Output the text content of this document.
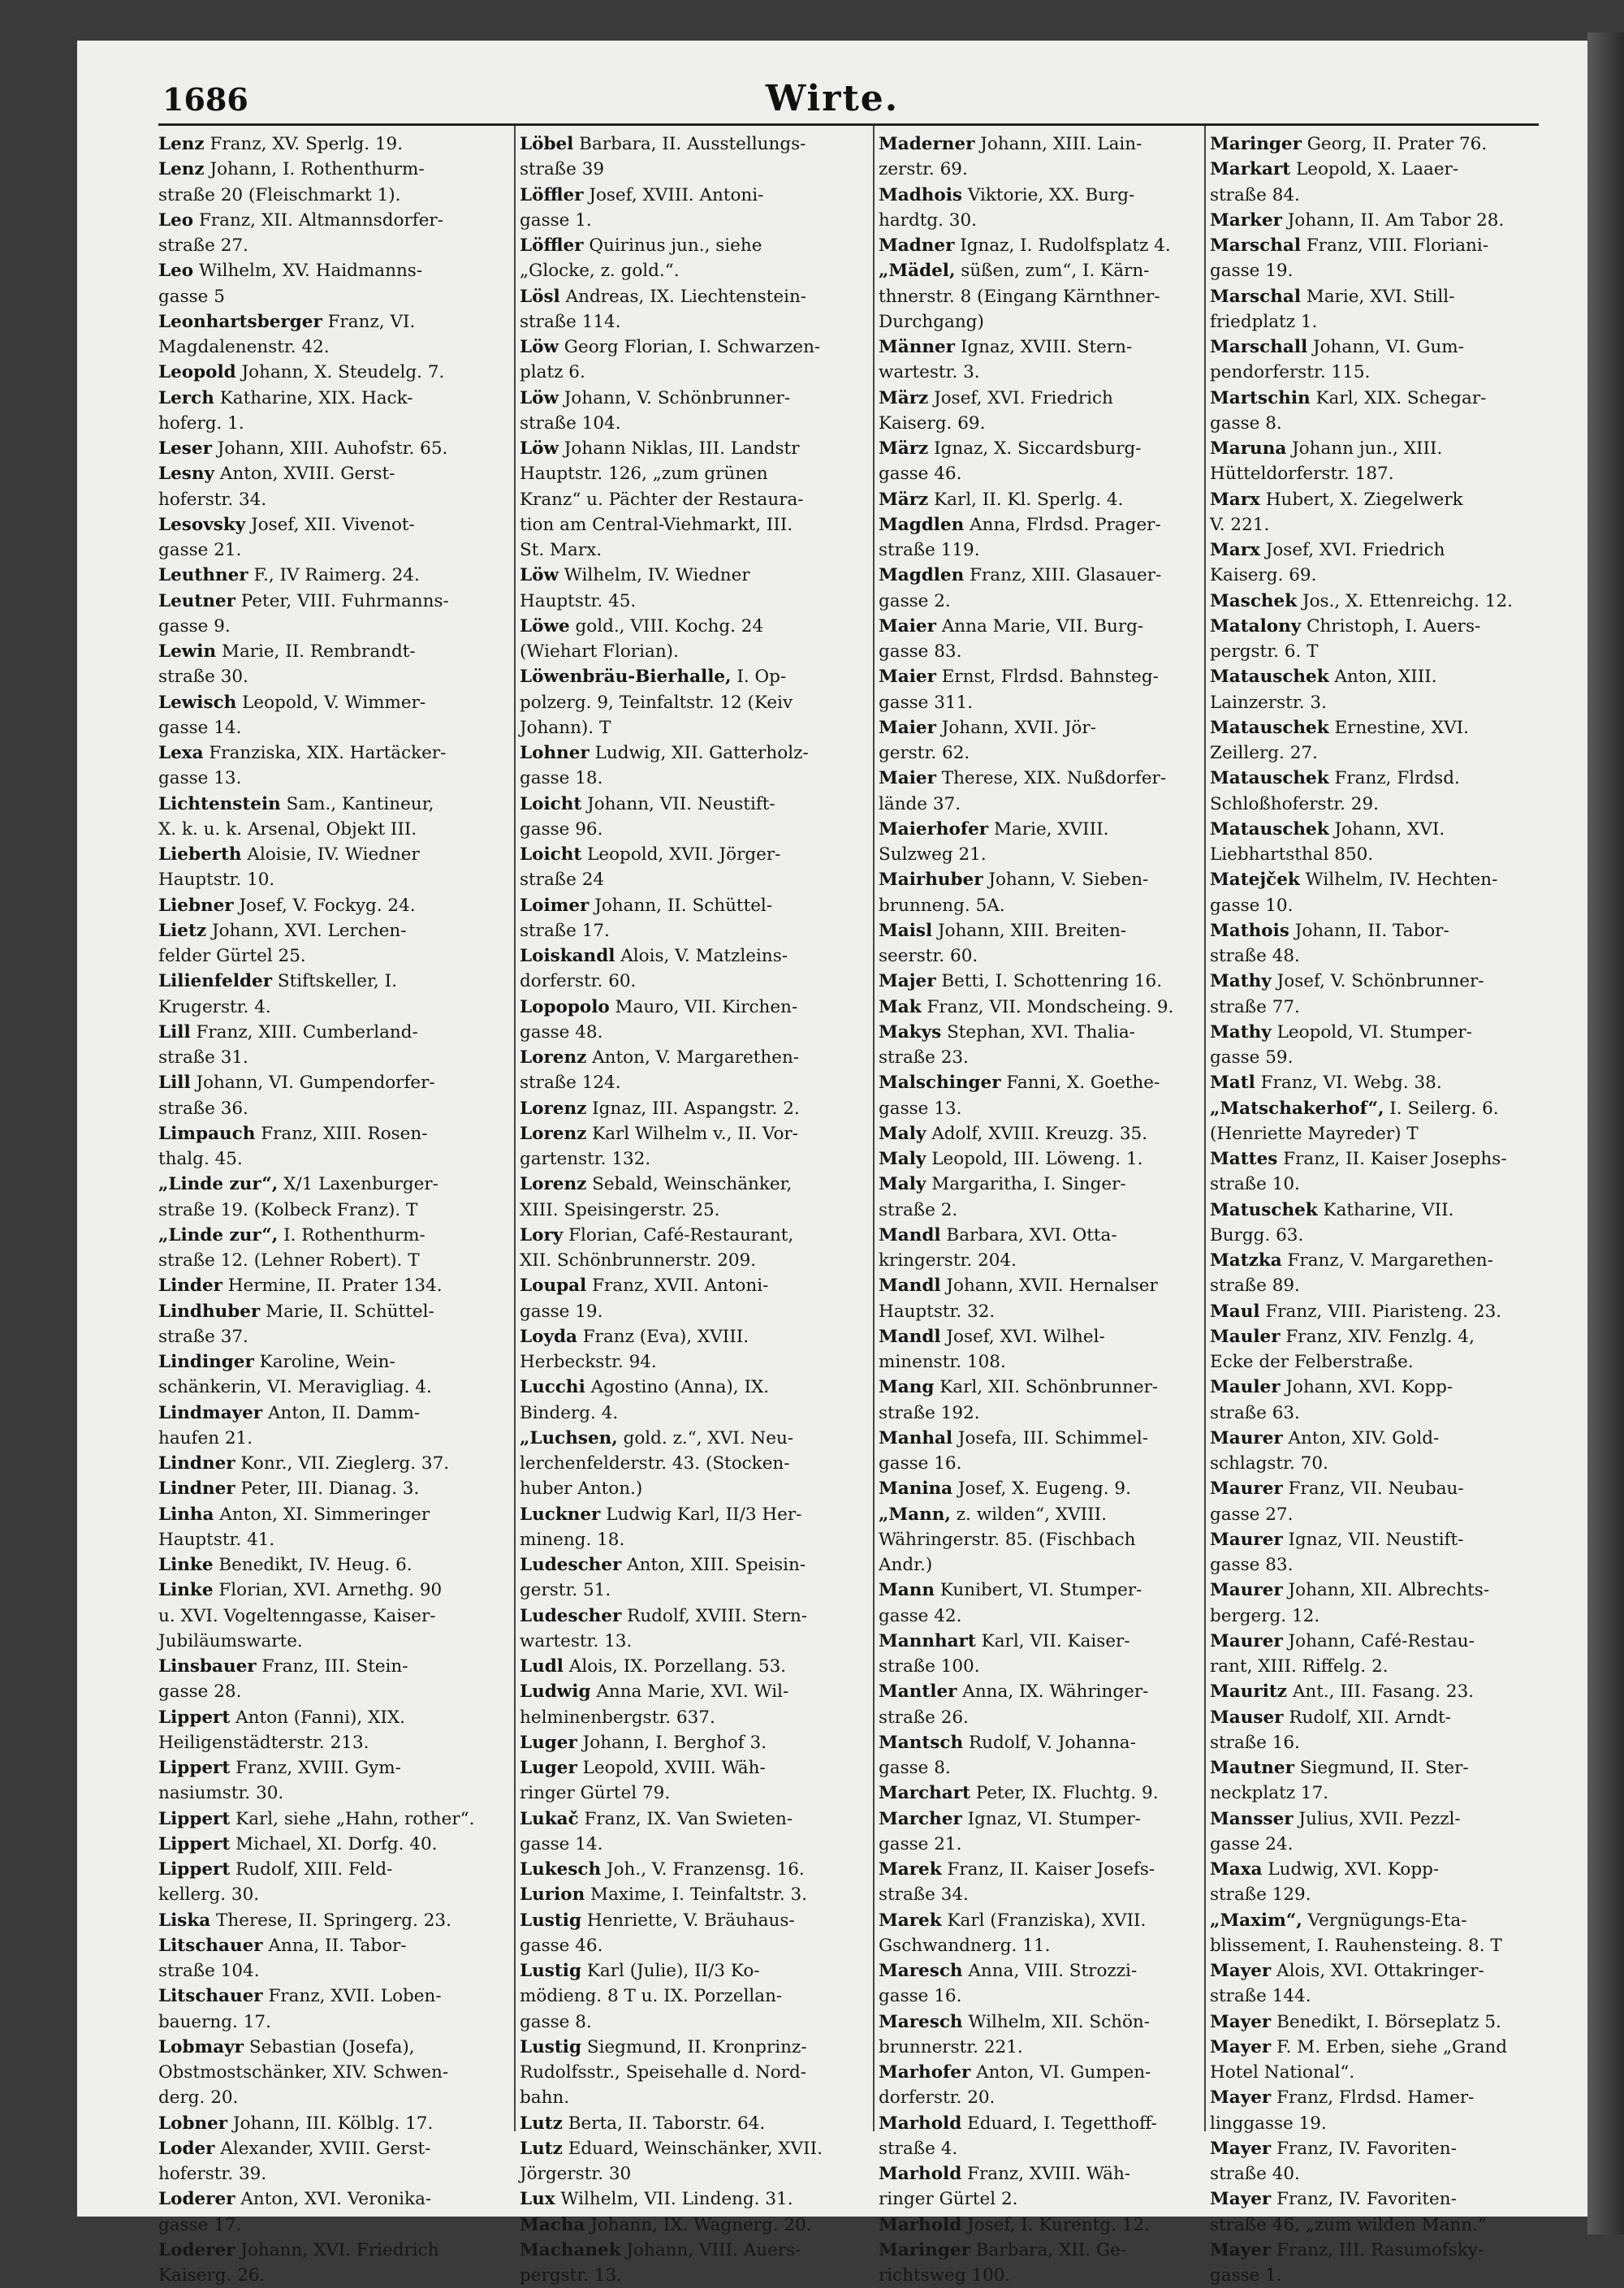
1686	Wirte.
Lenz Franz, XV. Sperlg. 19.
Lenz Johann, I. Rothenthurm-
straße 20 (Fleischmarkt 1).
Leo Franz, XII. Altmannsdorfer-
straße 27.
Leo Wilhelm, XV. Haidmanns-
gasse 5
Leonhartsberger Franz, VI.
Magdalenenstr. 42.
Leopold Johann, X. Steudelg. 7.
Lerch Katharine, XIX. Hack-
hoferg. 1.
Leser Johann, XIII. Auhofstr. 65.
Lesny Anton, XVIII. Gerst-
hoferstr. 34.
Lesovsky Josef, XII. Vivenot-
gasse 21.
Leuthner F., IV Raimerg. 24.
Leutner Peter, VIII. Fuhrmanns-
gasse 9.
Lewin Marie, II. Rembrandt-
straße 30.
Lewisch Leopold, V. Wimmer-
gasse 14.
Lexa Franziska, XIX. Hartäcker-
gasse 13.
Lichtenstein Sam., Kantineur,
X. k. u. k. Arsenal, Objekt III.
Lieberth Aloisie, IV. Wiedner
Hauptstr. 10.
Liebner Josef, V. Fockyg. 24.
Lietz Johann, XVI. Lerchen-
felder Gürtel 25.
Lilienfelder Stiftskeller, I.
Krugerstr. 4.
Lill Franz, XIII. Cumberland-
straße 31.
Lill Johann, VI. Gumpendorfer-
straße 36.
Limpauch Franz, XIII. Rosen-
thalg. 45.
„Linde zur“, X/1 Laxenburger-
straße 19. (Kolbeck Franz). T
„Linde zur“, I. Rothenthurm-
straße 12. (Lehner Robert). T
Linder Hermine, II. Prater 134.
Lindhuber Marie, II. Schüttel-
straße 37.
Lindinger Karoline, Wein-
schänkerin, VI. Meravigliag. 4.
Lindmayer Anton, II. Damm-
haufen 21.
Lindner Konr., VII. Zieglerg. 37.
Lindner Peter, III. Dianag. 3.
Linha Anton, XI. Simmeringer
Hauptstr. 41.
Linke Benedikt, IV. Heug. 6.
Linke Florian, XVI. Arnethg. 90
u. XVI. Vogeltenngasse, Kaiser-
Jubiläumswarte.
Linsbauer Franz, III. Stein-
gasse 28.
Lippert Anton (Fanni), XIX.
Heiligenstädterstr. 213.
Lippert Franz, XVIII. Gym-
nasiumstr. 30.
Lippert Karl, siehe „Hahn, rother“.
Lippert Michael, XI. Dorfg. 40.
Lippert Rudolf, XIII. Feld-
kellerg. 30.
Liska Therese, II. Springerg. 23.
Litschauer Anna, II. Tabor-
straße 104.
Litschauer Franz, XVII. Loben-
bauerng. 17.
Lobmayr Sebastian (Josefa),
Obstmostschänker, XIV. Schwen-
derg. 20.
Lobner Johann, III. Kölblg. 17.
Loder Alexander, XVIII. Gerst-
hoferstr. 39.
Loderer Anton, XVI. Veronika-
gasse 17.
Loderer Johann, XVI. Friedrich
Kaiserg. 26.
Löbel Barbara, II. Ausstellungs-
straße 39
Löffler Josef, XVIII. Antoni-
gasse 1.
Löffler Quirinus jun., siehe
„Glocke, z. gold.“.
Lösl Andreas, IX. Liechtenstein-
straße 114.
Löw Georg Florian, I. Schwarzen-
platz 6.
Löw Johann, V. Schönbrunner-
straße 104.
Löw Johann Niklas, III. Landstr
Hauptstr. 126, „zum grünen
Kranz“ u. Pächter der Restaura-
tion am Central-Viehmarkt, III.
St. Marx.
Löw Wilhelm, IV. Wiedner
Hauptstr. 45.
Löwe gold., VIII. Kochg. 24
(Wiehart Florian).
Löwenbräu-Bierhalle, I. Op-
polzerg. 9, Teinfaltstr. 12 (Keiv
Johann). T
Lohner Ludwig, XII. Gatterholz-
gasse 18.
Loicht Johann, VII. Neustift-
gasse 96.
Loicht Leopold, XVII. Jörger-
straße 24
Loimer Johann, II. Schüttel-
straße 17.
Loiskandl Alois, V. Matzleins-
dorferstr. 60.
Lopopolo Mauro, VII. Kirchen-
gasse 48.
Lorenz Anton, V. Margarethen-
straße 124.
Lorenz Ignaz, III. Aspangstr. 2.
Lorenz Karl Wilhelm v., II. Vor-
gartenstr. 132.
Lorenz Sebald, Weinschänker,
XIII. Speisingerstr. 25.
Lory Florian, Café-Restaurant,
XII. Schönbrunnerstr. 209.
Loupal Franz, XVII. Antoni-
gasse 19.
Loyda Franz (Eva), XVIII.
Herbeckstr. 94.
Lucchi Agostino (Anna), IX.
Binderg. 4.
„Luchsen, gold. z.“, XVI. Neu-
lerchenfelderstr. 43. (Stocken-
huber Anton.)
Luckner Ludwig Karl, II/3 Her-
mineng. 18.
Ludescher Anton, XIII. Speisin-
gerstr. 51.
Ludescher Rudolf, XVIII. Stern-
wartestr. 13.
Ludl Alois, IX. Porzellang. 53.
Ludwig Anna Marie, XVI. Wil-
helminenbergstr. 637.
Luger Johann, I. Berghof 3.
Luger Leopold, XVIII. Wäh-
ringer Gürtel 79.
Lukač Franz, IX. Van Swieten-
gasse 14.
Lukesch Joh., V. Franzensg. 16.
Lurion Maxime, I. Teinfaltstr. 3.
Lustig Henriette, V. Bräuhaus-
gasse 46.
Lustig Karl (Julie), II/3 Ko-
mödieng. 8 T u. IX. Porzellan-
gasse 8.
Lustig Siegmund, II. Kronprinz-
Rudolfsstr., Speisehalle d. Nord-
bahn.
Lutz Berta, II. Taborstr. 64.
Lutz Eduard, Weinschänker, XVII.
Jörgerstr. 30
Lux Wilhelm, VII. Lindeng. 31.
Macha Johann, IX. Wagnerg. 20.
Machanek Johann, VIII. Auers-
pergstr. 13.
Maderner Johann, XIII. Lain-
zerstr. 69.
Madhois Viktorie, XX. Burg-
hardtg. 30.
Madner Ignaz, I. Rudolfsplatz 4.
„Mädel, süßen, zum“, I. Kärn-
thnerstr. 8 (Eingang Kärnthner-
Durchgang)
Männer Ignaz, XVIII. Stern-
wartestr. 3.
März Josef, XVI. Friedrich
Kaiserg. 69.
März Ignaz, X. Siccardsburg-
gasse 46.
März Karl, II. Kl. Sperlg. 4.
Magdlen Anna, Flrdsd. Prager-
straße 119.
Magdlen Franz, XIII. Glasauer-
gasse 2.
Maier Anna Marie, VII. Burg-
gasse 83.
Maier Ernst, Flrdsd. Bahnsteg-
gasse 311.
Maier Johann, XVII. Jör-
gerstr. 62.
Maier Therese, XIX. Nußdorfer-
lände 37.
Maierhofer Marie, XVIII.
Sulzweg 21.
Mairhuber Johann, V. Sieben-
brunneng. 5A.
Maisl Johann, XIII. Breiten-
seerstr. 60.
Majer Betti, I. Schottenring 16.
Mak Franz, VII. Mondscheing. 9.
Makys Stephan, XVI. Thalia-
straße 23.
Malschinger Fanni, X. Goethe-
gasse 13.
Maly Adolf, XVIII. Kreuzg. 35.
Maly Leopold, III. Löweng. 1.
Maly Margaritha, I. Singer-
straße 2.
Mandl Barbara, XVI. Otta-
kringerstr. 204.
Mandl Johann, XVII. Hernalser
Hauptstr. 32.
Mandl Josef, XVI. Wilhel-
minenstr. 108.
Mang Karl, XII. Schönbrunner-
straße 192.
Manhal Josefa, III. Schimmel-
gasse 16.
Manina Josef, X. Eugeng. 9.
„Mann, z. wilden“, XVIII.
Währingerstr. 85. (Fischbach
Andr.)
Mann Kunibert, VI. Stumper-
gasse 42.
Mannhart Karl, VII. Kaiser-
straße 100.
Mantler Anna, IX. Währinger-
straße 26.
Mantsch Rudolf, V. Johanna-
gasse 8.
Marchart Peter, IX. Fluchtg. 9.
Marcher Ignaz, VI. Stumper-
gasse 21.
Marek Franz, II. Kaiser Josefs-
straße 34.
Marek Karl (Franziska), XVII.
Gschwandnerg. 11.
Maresch Anna, VIII. Strozzi-
gasse 16.
Maresch Wilhelm, XII. Schön-
brunnerstr. 221.
Marhofer Anton, VI. Gumpen-
dorferstr. 20.
Marhold Eduard, I. Tegetthoff-
straße 4.
Marhold Franz, XVIII. Wäh-
ringer Gürtel 2.
Marhold Josef, I. Kurentg. 12.
Maringer Barbara, XII. Ge-
richtsweg 100.
Maringer Georg, II. Prater 76.
Markart Leopold, X. Laaer-
straße 84.
Marker Johann, II. Am Tabor 28.
Marschal Franz, VIII. Floriani-
gasse 19.
Marschal Marie, XVI. Still-
friedplatz 1.
Marschall Johann, VI. Gum-
pendorferstr. 115.
Martschin Karl, XIX. Schegar-
gasse 8.
Maruna Johann jun., XIII.
Hütteldorferstr. 187.
Marx Hubert, X. Ziegelwerk
V. 221.
Marx Josef, XVI. Friedrich
Kaiserg. 69.
Maschek Jos., X. Ettenreichg. 12.
Matalony Christoph, I. Auers-
pergstr. 6. T
Matauschek Anton, XIII.
Lainzerstr. 3.
Matauschek Ernestine, XVI.
Zeillerg. 27.
Matauschek Franz, Flrdsd.
Schloßhoferstr. 29.
Matauschek Johann, XVI.
Liebhartsthal 850.
Matejček Wilhelm, IV. Hechten-
gasse 10.
Mathois Johann, II. Tabor-
straße 48.
Mathy Josef, V. Schönbrunner-
straße 77.
Mathy Leopold, VI. Stumper-
gasse 59.
Matl Franz, VI. Webg. 38.
„Matschakerhof“, I. Seilerg. 6.
(Henriette Mayreder) T
Mattes Franz, II. Kaiser Josephs-
straße 10.
Matuschek Katharine, VII.
Burgg. 63.
Matzka Franz, V. Margarethen-
straße 89.
Maul Franz, VIII. Piaristeng. 23.
Mauler Franz, XIV. Fenzlg. 4,
Ecke der Felberstraße.
Mauler Johann, XVI. Kopp-
straße 63.
Maurer Anton, XIV. Gold-
schlagstr. 70.
Maurer Franz, VII. Neubau-
gasse 27.
Maurer Ignaz, VII. Neustift-
gasse 83.
Maurer Johann, XII. Albrechts-
bergerg. 12.
Maurer Johann, Café-Restau-
rant, XIII. Riffelg. 2.
Mauritz Ant., III. Fasang. 23.
Mauser Rudolf, XII. Arndt-
straße 16.
Mautner Siegmund, II. Ster-
neckplatz 17.
Mansser Julius, XVII. Pezzl-
gasse 24.
Maxa Ludwig, XVI. Kopp-
straße 129.
„Maxim“, Vergnügungs-Eta-
blissement, I. Rauhensteing. 8. T
Mayer Alois, XVI. Ottakringer-
straße 144.
Mayer Benedikt, I. Börseplatz 5.
Mayer F. M. Erben, siehe „Grand
Hotel National“.
Mayer Franz, Flrdsd. Hamer-
linggasse 19.
Mayer Franz, IV. Favoriten-
straße 40.
Mayer Franz, IV. Favoriten-
straße 46, „zum wilden Mann.“
Mayer Franz, III. Rasumofsky-
gasse 1.
